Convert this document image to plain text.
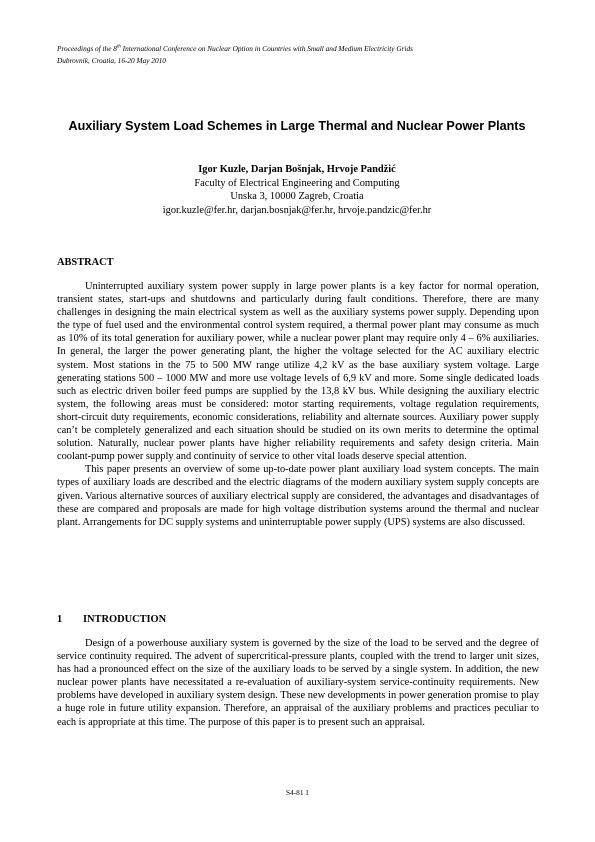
Proceedings of the 8th International Conference on Nuclear Option in Countries with Small and Medium Electricity Grids
Dubrovnik, Croatia, 16-20 May 2010
Auxiliary System Load Schemes in Large Thermal and Nuclear Power Plants
Igor Kuzle, Darjan Bošnjak, Hrvoje Pandžić
Faculty of Electrical Engineering and Computing
Unska 3, 10000 Zagreb, Croatia
igor.kuzle@fer.hr, darjan.bosnjak@fer.hr, hrvoje.pandzic@fer.hr
ABSTRACT

Uninterrupted auxiliary system power supply in large power plants is a key factor for normal operation, transient states, start-ups and shutdowns and particularly during fault conditions. Therefore, there are many challenges in designing the main electrical system as well as the auxiliary systems power supply. Depending upon the type of fuel used and the environmental control system required, a thermal power plant may consume as much as 10% of its total generation for auxiliary power, while a nuclear power plant may require only 4 – 6% auxiliaries. In general, the larger the power generating plant, the higher the voltage selected for the AC auxiliary electric system. Most stations in the 75 to 500 MW range utilize 4,2 kV as the base auxiliary system voltage. Large generating stations 500 – 1000 MW and more use voltage levels of 6,9 kV and more. Some single dedicated loads such as electric driven boiler feed pumps are supplied by the 13,8 kV bus. While designing the auxiliary electric system, the following areas must be considered: motor starting requirements, voltage regulation requirements, short-circuit duty requirements, economic considerations, reliability and alternate sources. Auxiliary power supply can’t be completely generalized and each situation should be studied on its own merits to determine the optimal solution. Naturally, nuclear power plants have higher reliability requirements and safety design criteria. Main coolant-pump power supply and continuity of service to other vital loads deserve special attention.

This paper presents an overview of some up-to-date power plant auxiliary load system concepts. The main types of auxiliary loads are described and the electric diagrams of the modern auxiliary system supply concepts are given. Various alternative sources of auxiliary electrical supply are considered, the advantages and disadvantages of these are compared and proposals are made for high voltage distribution systems around the thermal and nuclear plant. Arrangements for DC supply systems and uninterruptable power supply (UPS) systems are also discussed.

1 INTRODUCTION

Design of a powerhouse auxiliary system is governed by the size of the load to be served and the degree of service continuity required. The advent of supercritical-pressure plants, coupled with the trend to larger unit sizes, has had a pronounced effect on the size of the auxiliary loads to be served by a single system. In addition, the new nuclear power plants have necessitated a re-evaluation of auxiliary-system service-continuity requirements. New problems have developed in auxiliary system design. These new developments in power generation promise to play a huge role in future utility expansion. Therefore, an appraisal of the auxiliary problems and practices peculiar to each is appropriate at this time. The purpose of this paper is to present such an appraisal.

S4-81 1
